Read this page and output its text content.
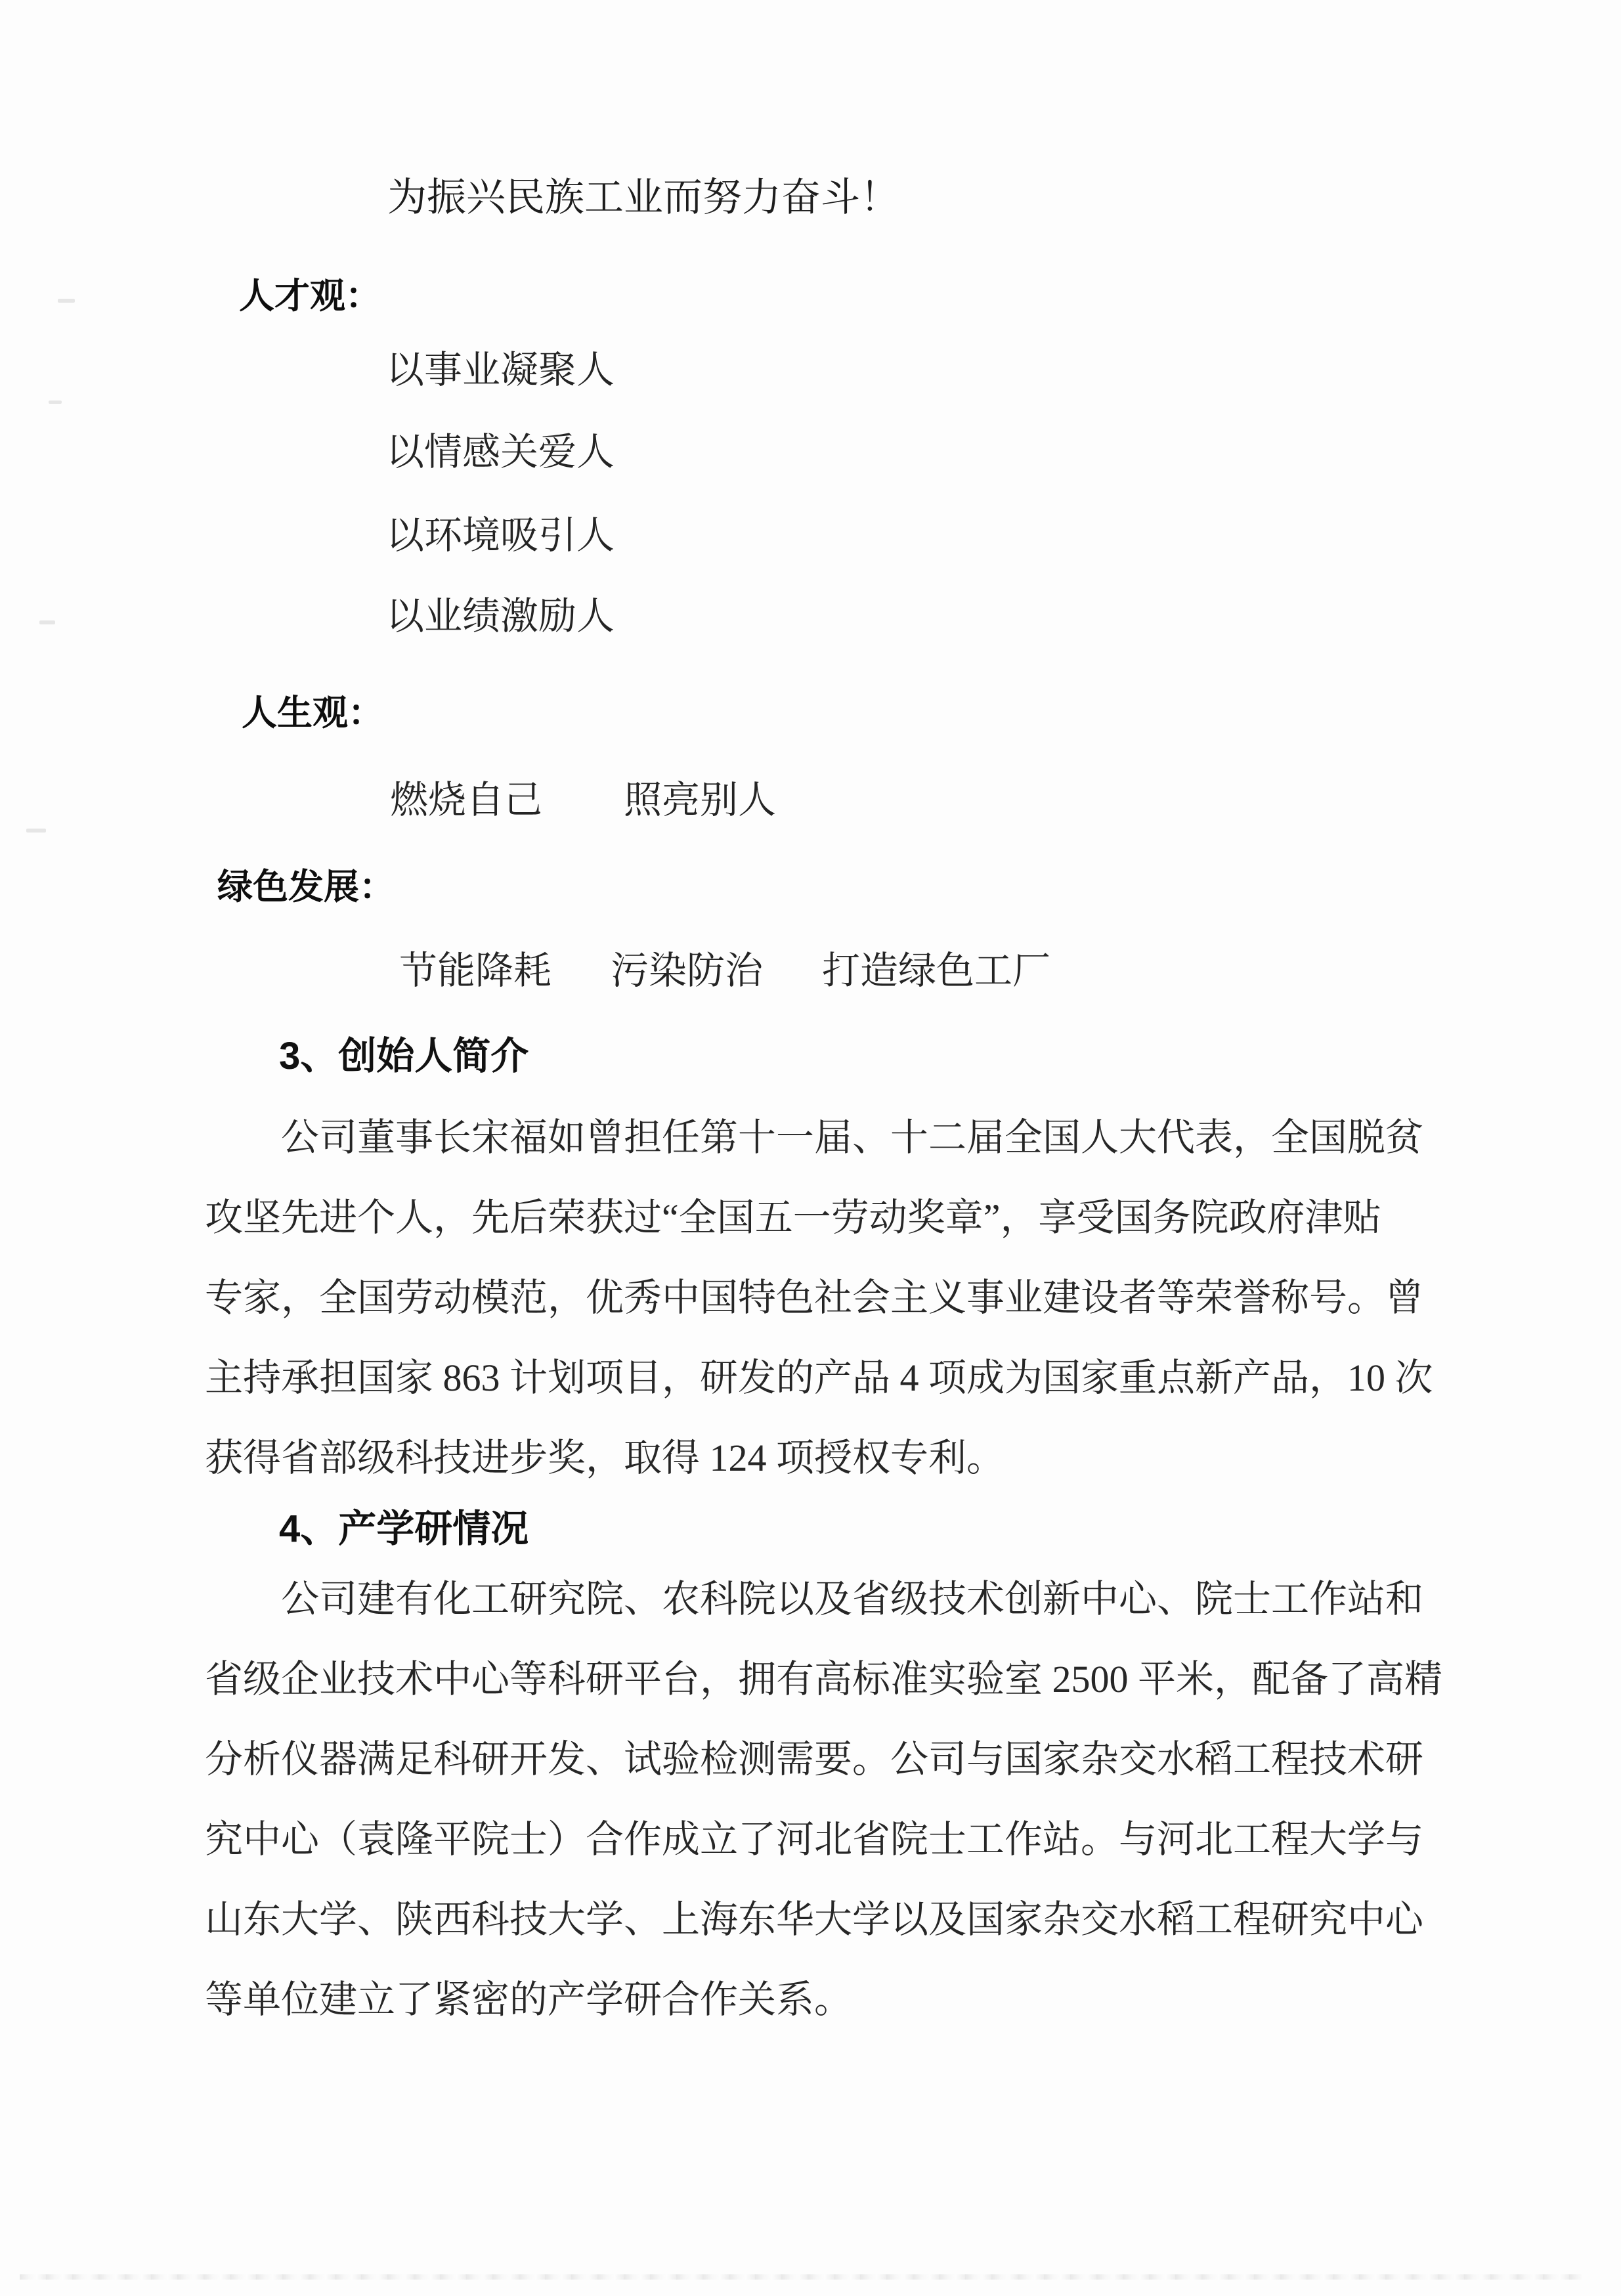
为振兴民族工业而努力奋斗！
人才观：
以事业凝聚人
以情感关爱人
以环境吸引人
以业绩激励人
人生观：
燃烧自己 照亮别人
绿色发展：
节能降耗 污染防治 打造绿色工厂
3、创始人简介
公司董事长宋福如曾担任第十一届、十二届全国人大代表，全国脱贫
攻坚先进个人，先后荣获过“全国五一劳动奖章”，享受国务院政府津贴
专家，全国劳动模范，优秀中国特色社会主义事业建设者等荣誉称号。曾
主持承担国家 863 计划项目，研发的产品 4 项成为国家重点新产品，10 次
获得省部级科技进步奖，取得 124 项授权专利。
4、产学研情况
公司建有化工研究院、农科院以及省级技术创新中心、院士工作站和
省级企业技术中心等科研平台，拥有高标准实验室 2500 平米，配备了高精
分析仪器满足科研开发、试验检测需要。公司与国家杂交水稻工程技术研
究中心（袁隆平院士）合作成立了河北省院士工作站。与河北工程大学与
山东大学、陕西科技大学、上海东华大学以及国家杂交水稻工程研究中心
等单位建立了紧密的产学研合作关系。
